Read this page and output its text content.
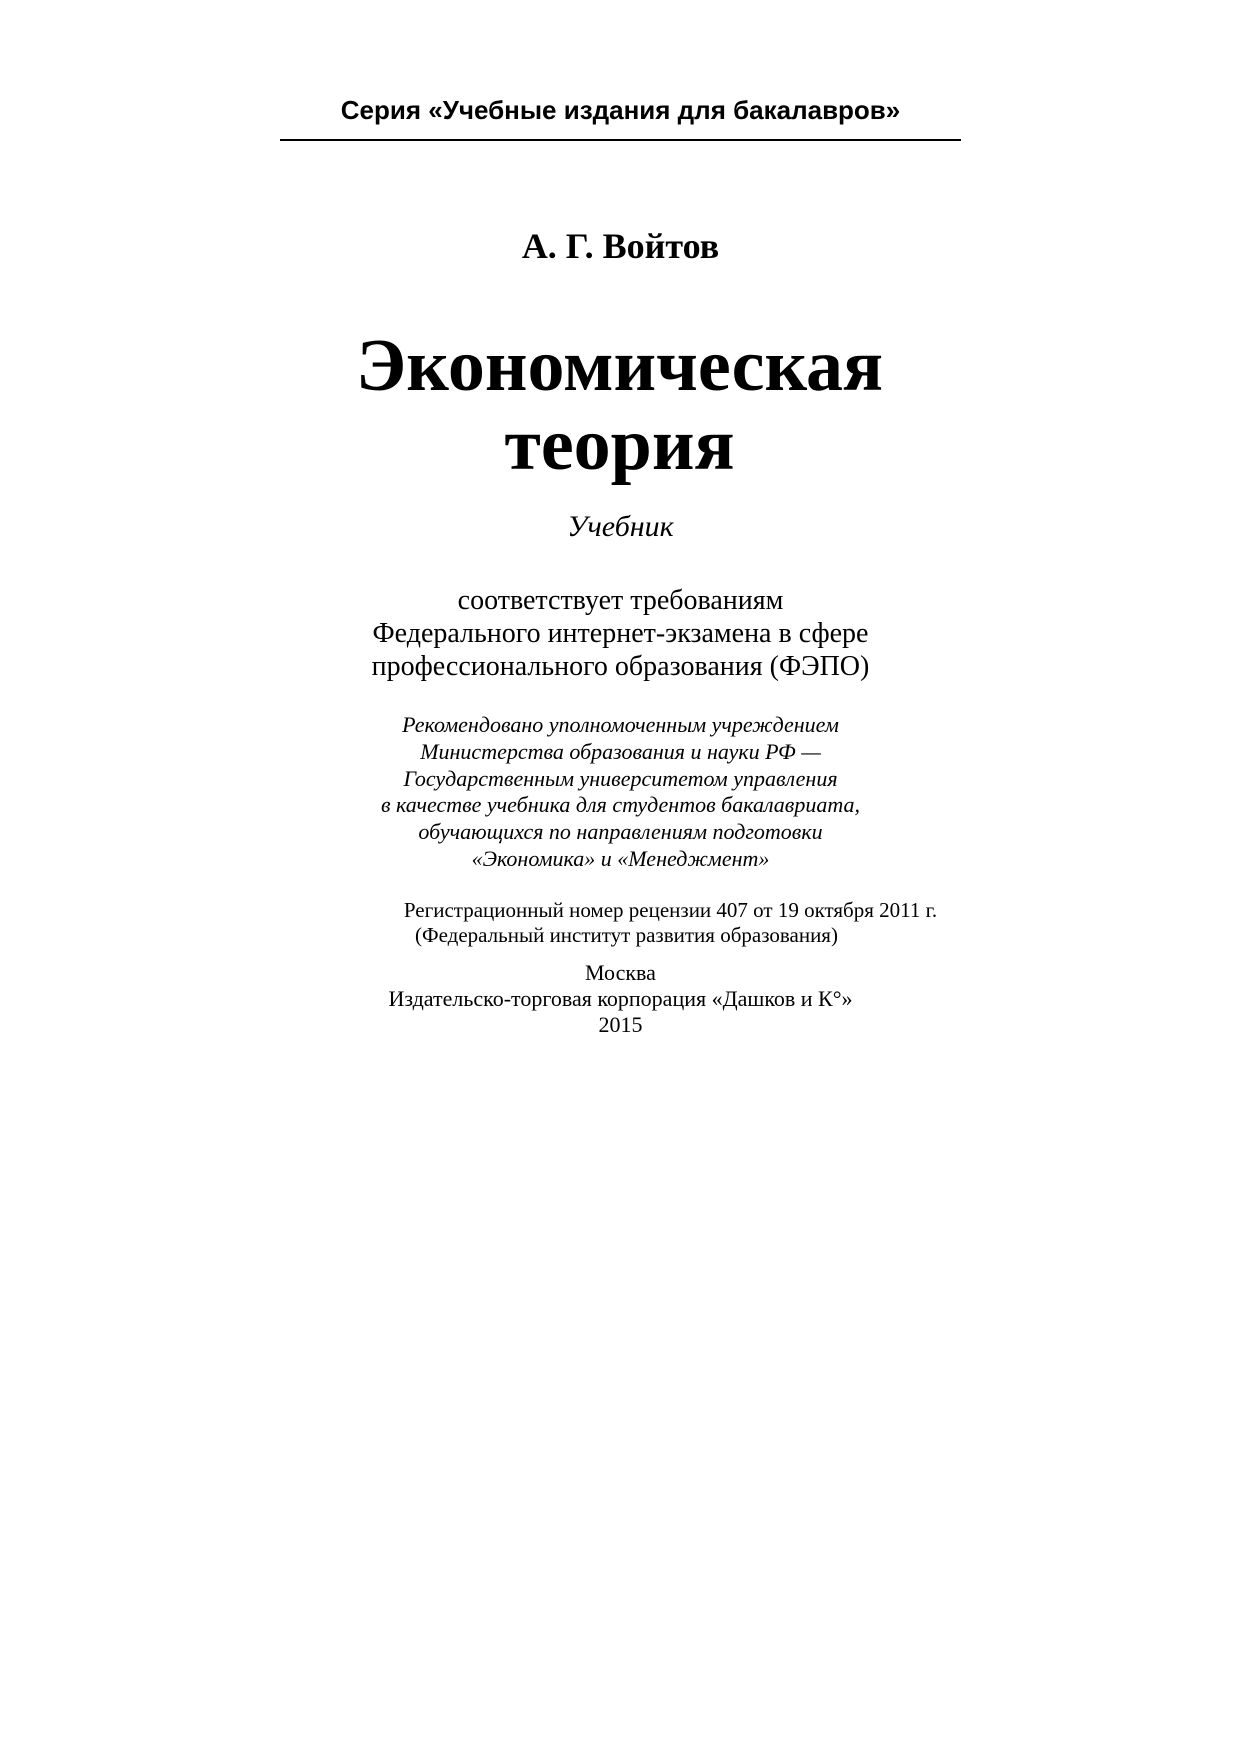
Серия «Учебные издания для бакалавров»
А. Г. Войтов
Экономическая
теория
Учебник
соответствует требованиям
Федерального интернет-экзамена в сфере
профессионального образования (ФЭПО)
Рекомендовано уполномоченным учреждением
Министерства образования и науки РФ —
Государственным университетом управления
в качестве учебника для студентов бакалавриата,
обучающихся по направлениям подготовки
«Экономика» и «Менеджмент»
Регистрационный номер рецензии 407 от 19 октября 2011 г.
(Федеральный институт развития образования)
Москва
Издательско-торговая корпорация «Дашков и К°»
2015
